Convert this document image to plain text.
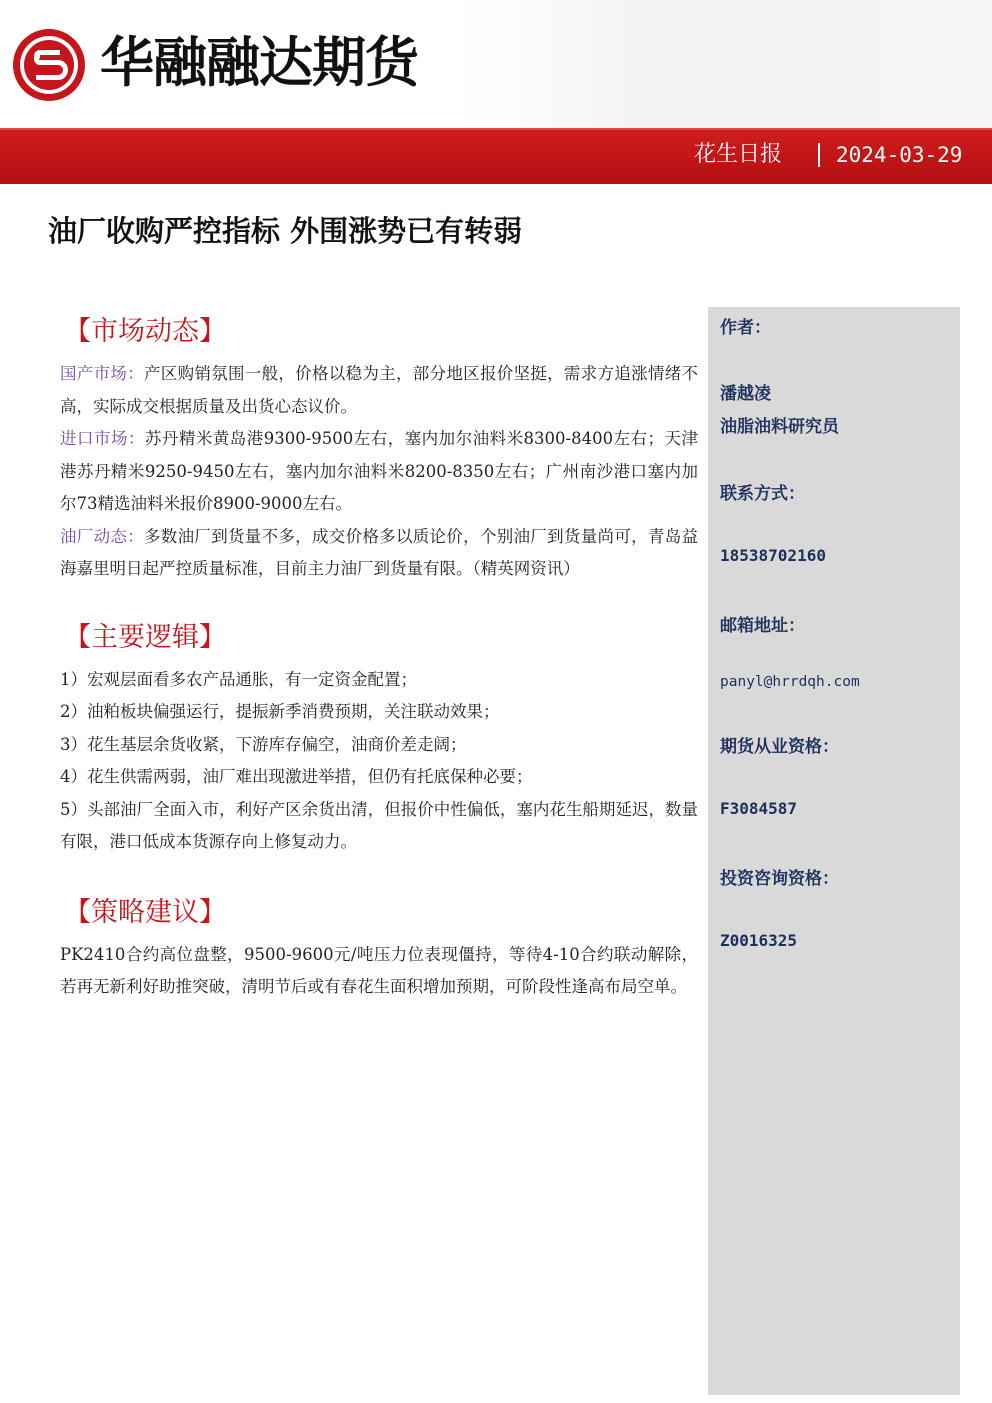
华融融达期货
花生日报	2024-03-29
油厂收购严控指标 外围涨势已有转弱
【市场动态】
国产市场：产区购销氛围一般，价格以稳为主，部分地区报价坚挺，需求方追涨情绪不高，实际成交根据质量及出货心态议价。
进口市场：苏丹精米黄岛港9300-9500左右，塞内加尔油料米8300-8400左右；天津港苏丹精米9250-9450左右，塞内加尔油料米8200-8350左右；广州南沙港口塞内加尔73精选油料米报价8900-9000左右。
油厂动态：多数油厂到货量不多，成交价格多以质论价，个别油厂到货量尚可，青岛益海嘉里明日起严控质量标准，目前主力油厂到货量有限。（精英网资讯）
【主要逻辑】
1）宏观层面看多农产品通胀，有一定资金配置；
2）油粕板块偏强运行，提振新季消费预期，关注联动效果；
3）花生基层余货收紧，下游库存偏空，油商价差走阔；
4）花生供需两弱，油厂难出现激进举措，但仍有托底保种必要；
5）头部油厂全面入市，利好产区余货出清，但报价中性偏低，塞内花生船期延迟，数量有限，港口低成本货源存向上修复动力。
【策略建议】
PK2410合约高位盘整，9500-9600元/吨压力位表现僵持，等待4-10合约联动解除，若再无新利好助推突破，清明节后或有春花生面积增加预期，可阶段性逢高布局空单。
作者：
潘越凌
油脂油料研究员
联系方式：
18538702160
邮箱地址：
panyl@hrrdqh.com
期货从业资格：
F3084587
投资咨询资格：
Z0016325
